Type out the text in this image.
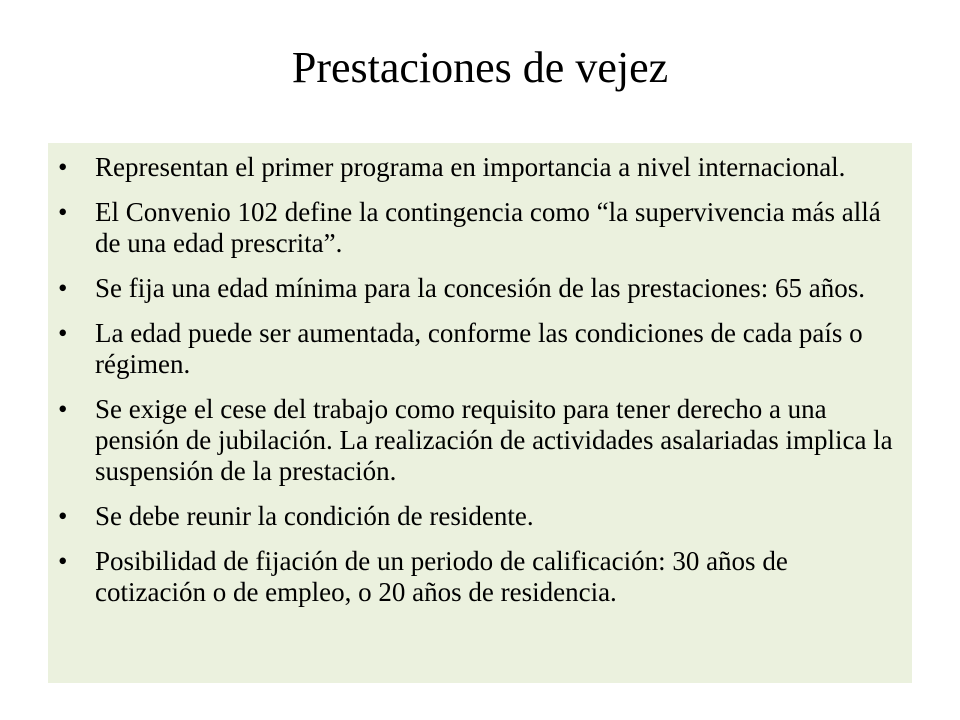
Prestaciones de vejez
• Representan el primer programa en importancia a nivel internacional.
• El Convenio 102 define la contingencia como “la supervivencia más allá de una edad prescrita”.
• Se fija una edad mínima para la concesión de las prestaciones: 65 años.
• La edad puede ser aumentada, conforme las condiciones de cada país o régimen.
• Se exige el cese del trabajo como requisito para tener derecho a una pensión de jubilación. La realización de actividades asalariadas implica la suspensión de la prestación.
• Se debe reunir la condición de residente.
• Posibilidad de fijación de un periodo de calificación: 30 años de cotización o de empleo, o 20 años de residencia.
